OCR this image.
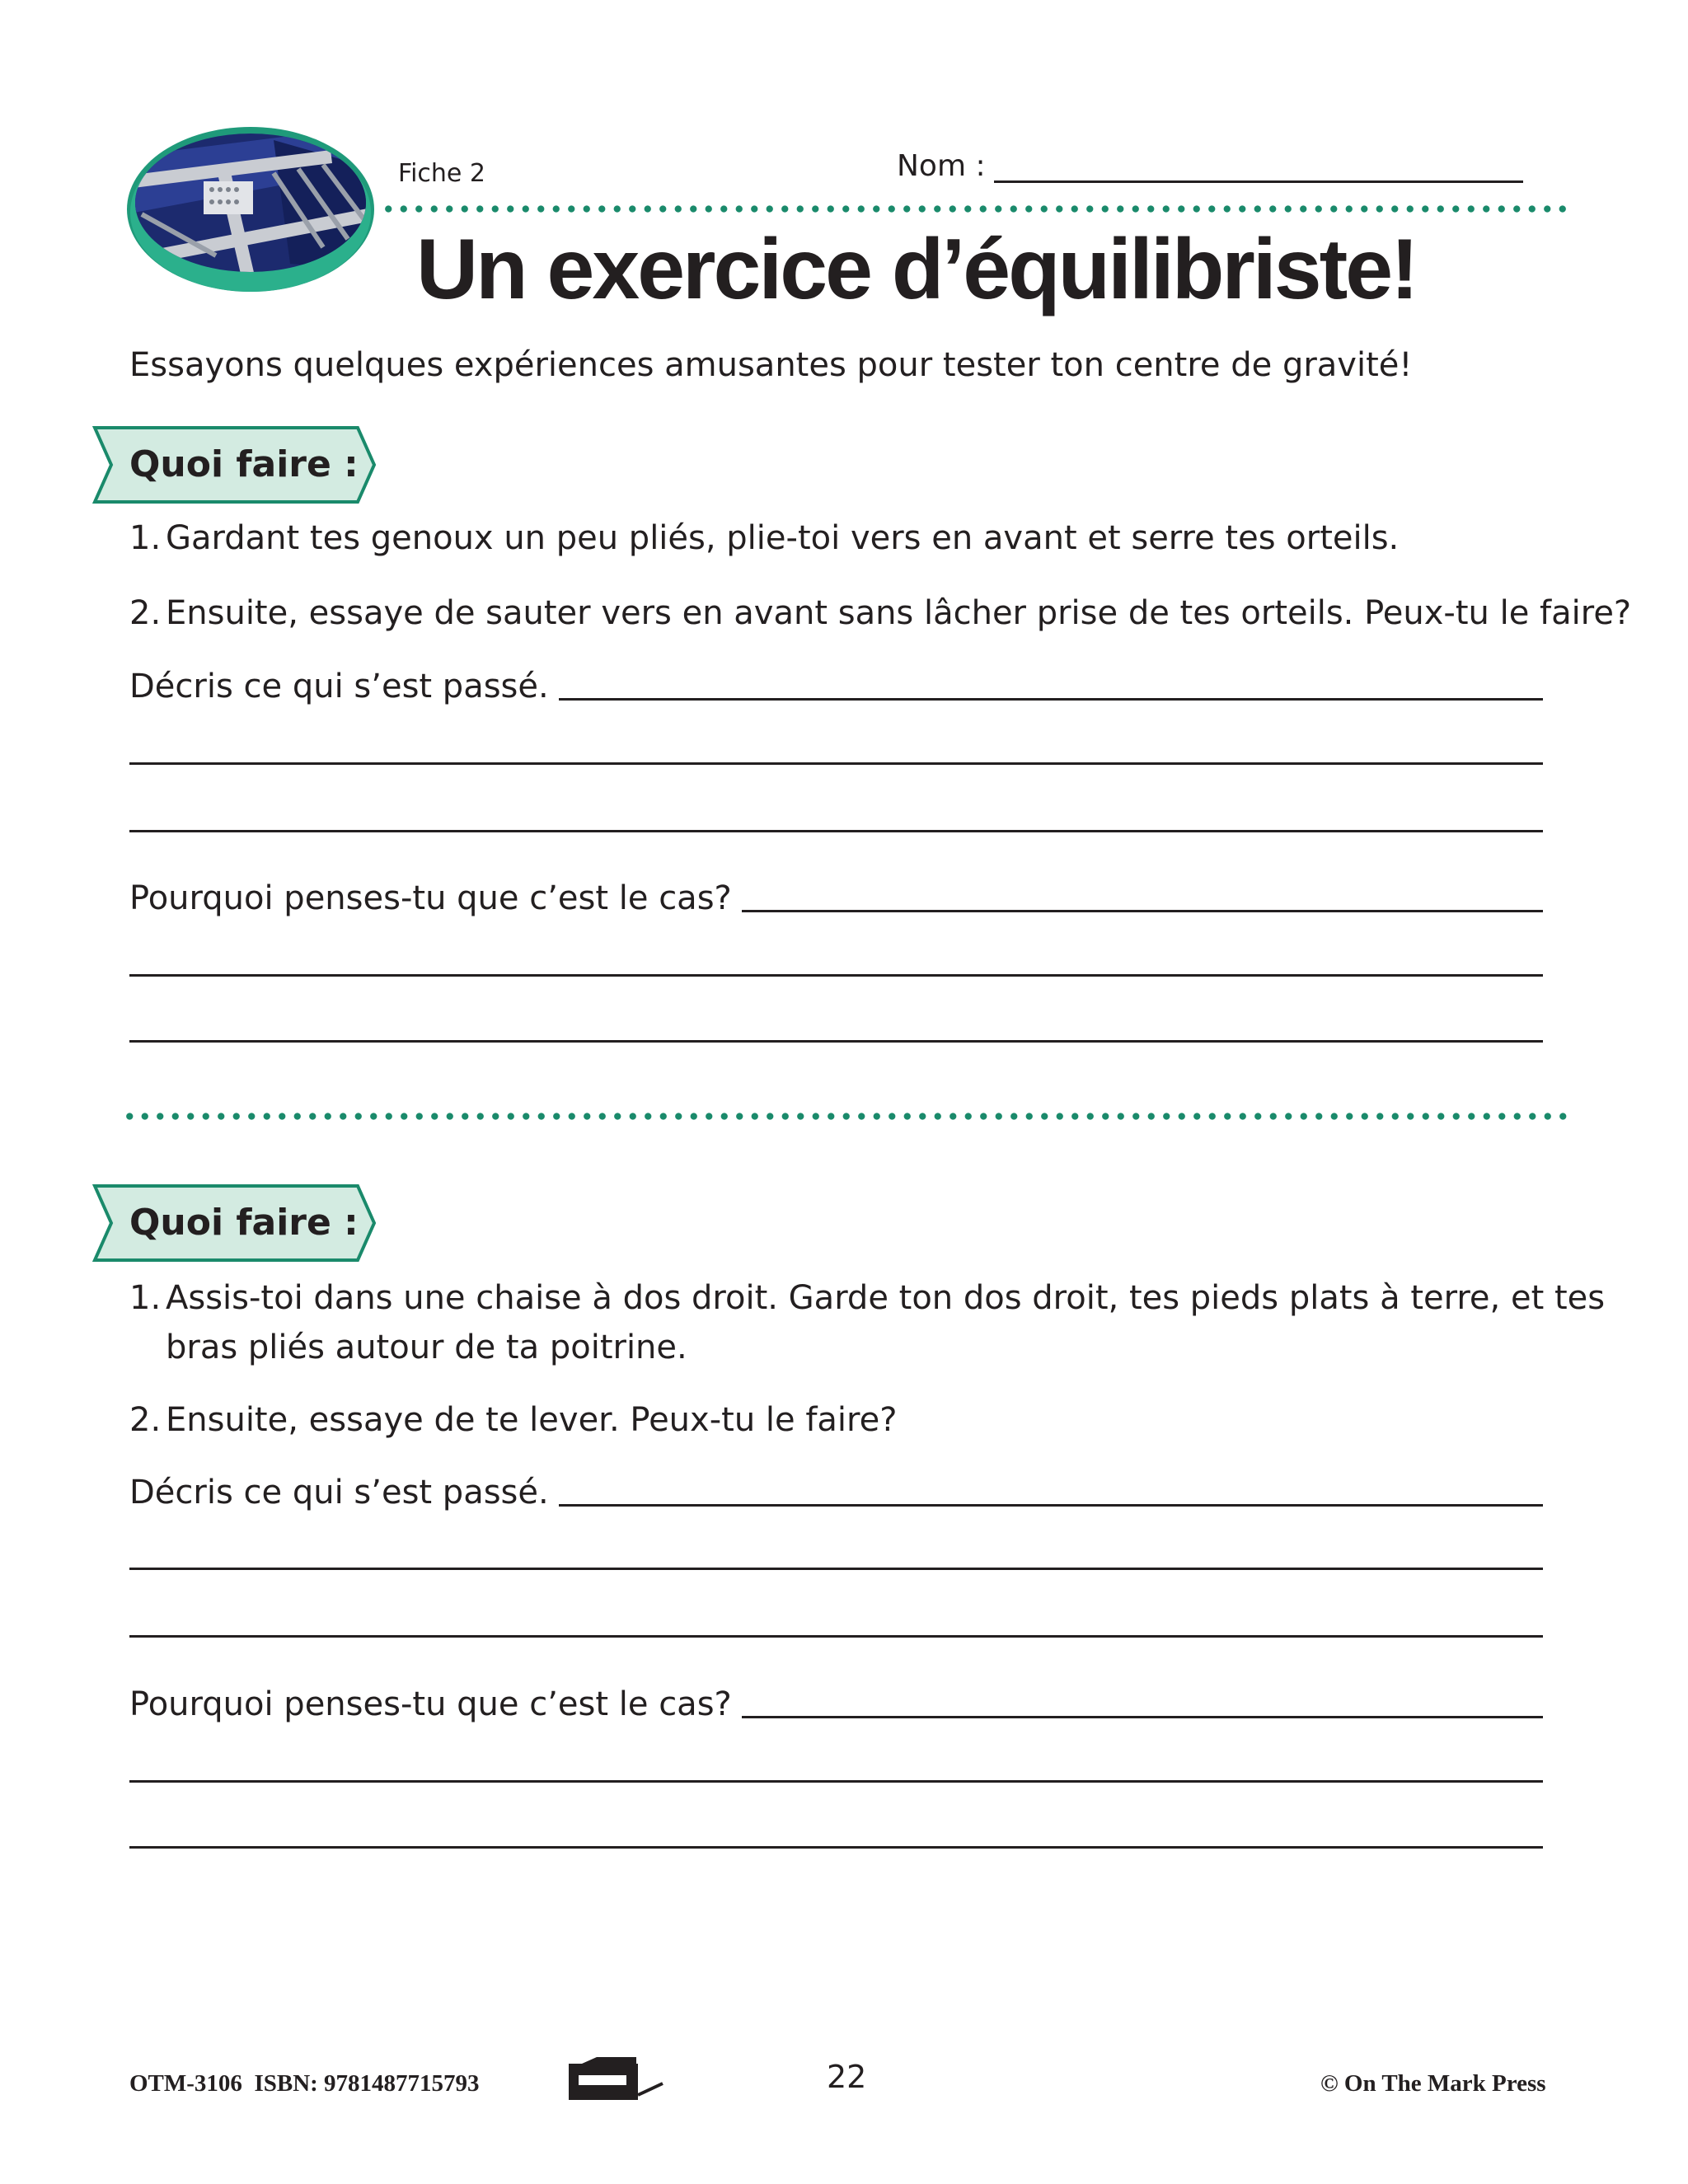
Fiche 2	Nom :
Un exercice d’équilibriste!
Essayons quelques expériences amusantes pour tester ton centre de gravité!
Quoi faire :
1. Gardant tes genoux un peu pliés, plie-toi vers en avant et serre tes orteils.
2. Ensuite, essaye de sauter vers en avant sans lâcher prise de tes orteils. Peux-tu le faire?
Décris ce qui s’est passé.
Pourquoi penses-tu que c’est le cas?
Quoi faire :
1. Assis-toi dans une chaise à dos droit. Garde ton dos droit, tes pieds plats à terre, et tes
bras pliés autour de ta poitrine.
2. Ensuite, essaye de te lever. Peux-tu le faire?
Décris ce qui s’est passé.
Pourquoi penses-tu que c’est le cas?
OTM-3106 ISBN: 9781487715793	22	© On The Mark Press
